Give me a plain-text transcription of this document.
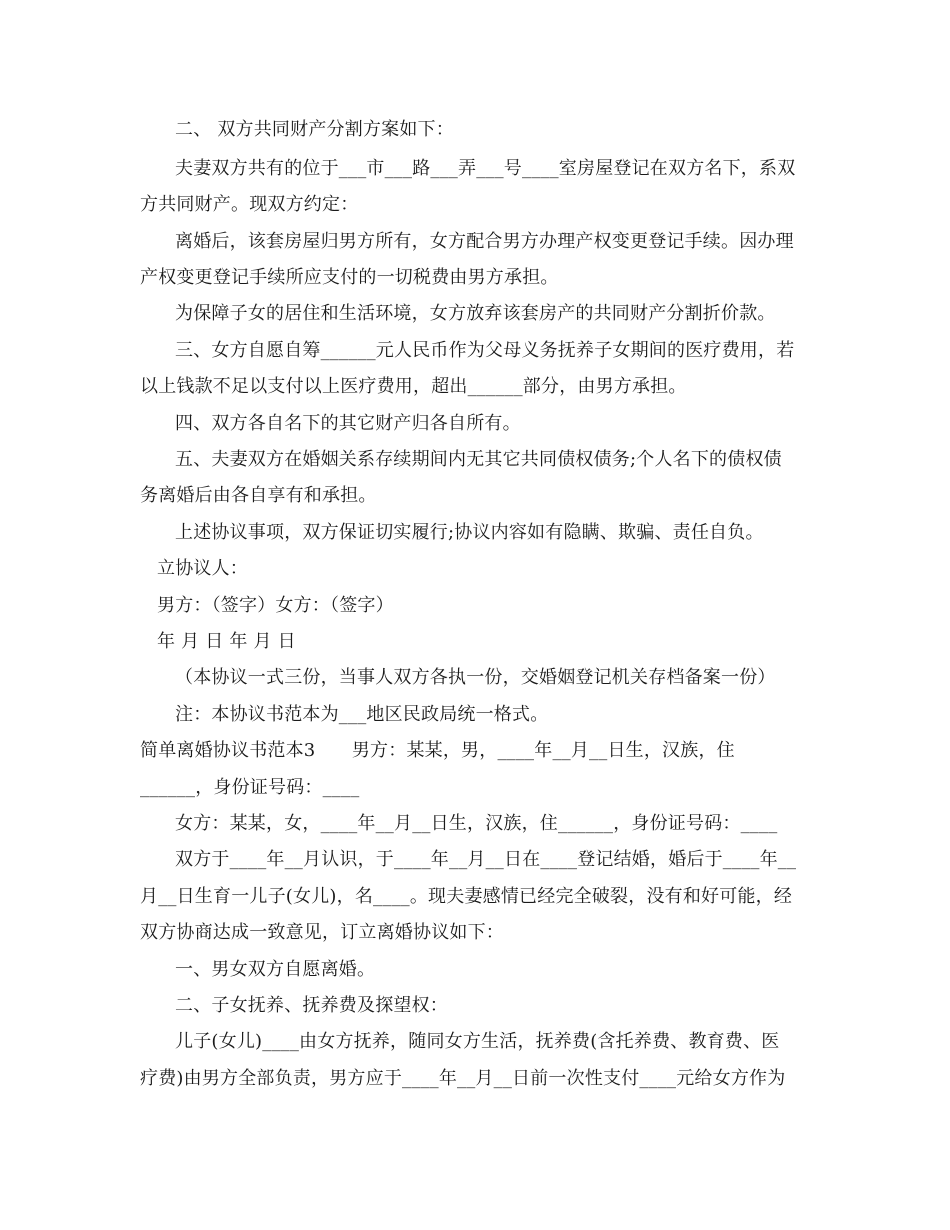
二、 双方共同财产分割方案如下：

夫妻双方共有的位于___市___路___弄___号____室房屋登记在双方名下，系双

方共同财产。现双方约定：

离婚后，该套房屋归男方所有，女方配合男方办理产权变更登记手续。因办理

产权变更登记手续所应支付的一切税费由男方承担。

为保障子女的居住和生活环境，女方放弃该套房产的共同财产分割折价款。

三、女方自愿自筹______元人民币作为父母义务抚养子女期间的医疗费用，若

以上钱款不足以支付以上医疗费用，超出______部分，由男方承担。

四、双方各自名下的其它财产归各自所有。

五、夫妻双方在婚姻关系存续期间内无其它共同债权债务;个人名下的债权债

务离婚后由各自享有和承担。

上述协议事项，双方保证切实履行;协议内容如有隐瞒、欺骗、责任自负。

立协议人：

男方：（签字）女方：（签字）

年 月 日 年 月 日

（本协议一式三份，当事人双方各执一份，交婚姻登记机关存档备案一份）

注：本协议书范本为___地区民政局统一格式。

简单离婚协议书范本3　　男方：某某，男，____年__月__日生，汉族，住

______，身份证号码：____

女方：某某，女，____年__月__日生，汉族，住______，身份证号码：____

双方于____年__月认识，于____年__月__日在____登记结婚，婚后于____年__

月__日生育一儿子(女儿)，名____。现夫妻感情已经完全破裂，没有和好可能，经

双方协商达成一致意见，订立离婚协议如下：

一、男女双方自愿离婚。

二、子女抚养、抚养费及探望权：

儿子(女儿)____由女方抚养，随同女方生活，抚养费(含托养费、教育费、医

疗费)由男方全部负责，男方应于____年__月__日前一次性支付____元给女方作为
